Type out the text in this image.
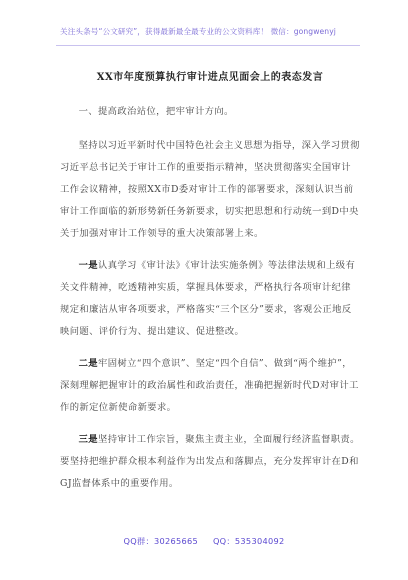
关注头条号“公文研究”，获得最新最全最专业的公文资料库！ 微信：gongwenyj
XX市年度预算执行审计进点见面会上的表态发言

一、提高政治站位，把牢审计方向。

坚持以习近平新时代中国特色社会主义思想为指导，深入学习贯彻习近平总书记关于审计工作的重要指示精神，坚决贯彻落实全国审计工作会议精神，按照XX市D委对审计工作的部署要求，深刻认识当前审计工作面临的新形势新任务新要求，切实把思想和行动统一到D中央关于加强对审计工作领导的重大决策部署上来。

一是认真学习《审计法》《审计法实施条例》等法律法规和上级有关文件精神，吃透精神实质，掌握具体要求，严格执行各项审计纪律规定和廉洁从审各项要求，严格落实“三个区分”要求，客观公正地反映问题、评价行为、提出建议、促进整改。

二是牢固树立“四个意识”、坚定“四个自信”、做到“两个维护”，深刻理解把握审计的政治属性和政治责任，准确把握新时代D对审计工作的新定位新使命新要求。

三是坚持审计工作宗旨，聚焦主责主业，全面履行经济监督职责。要坚持把维护群众根本利益作为出发点和落脚点，充分发挥审计在D和GJ监督体系中的重要作用。

QQ群：30265665 QQ：535304092
